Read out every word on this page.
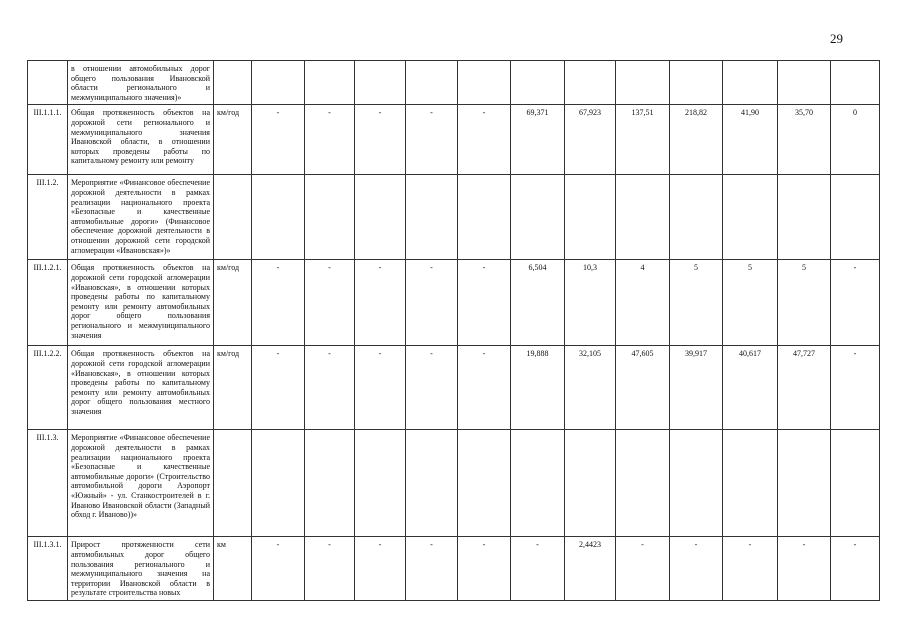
29
	в отношении автомобильных дорог общего пользования Ивановской области регионального и межмуниципального значения)»													
III.1.1.1.	Общая протяженность объектов на дорожной сети регионального и межмуниципального значения Ивановской области, в отношении которых проведены работы по капитальному ремонту или ремонту	км/год	-	-	-	-	-	69,371	67,923	137,51	218,82	41,90	35,70	0
III.1.2.	Мероприятие «Финансовое обеспечение дорожной деятельности в рамках реализации национального проекта «Безопасные и качественные автомобильные дороги» (Финансовое обеспечение дорожной деятельности в отношении дорожной сети городской агломерации «Ивановская»)»													
III.1.2.1.	Общая протяженность объектов на дорожной сети городской агломерации «Ивановская», в отношении которых проведены работы по капитальному ремонту или ремонту автомобильных дорог общего пользования регионального и межмуниципального значения	км/год	-	-	-	-	-	6,504	10,3	4	5	5	5	-
III.1.2.2.	Общая протяженность объектов на дорожной сети городской агломерации «Ивановская», в отношении которых проведены работы по капитальному ремонту или ремонту автомобильных дорог общего пользования местного значения	км/год	-	-	-	-	-	19,888	32,105	47,605	39,917	40,617	47,727	-
III.1.3.	Мероприятие «Финансовое обеспечение дорожной деятельности в рамках реализации национального проекта «Безопасные и качественные автомобильные дороги» (Строительство автомобильной дороги Аэропорт «Южный» - ул. Станкостроителей в г. Иваново Ивановской области (Западный обход г. Иваново))»													
III.1.3.1.	Прирост протяженности сети автомобильных дорог общего пользования регионального и межмуниципального значения на территории Ивановской области в результате строительства новых	км	-	-	-	-	-	-	2,4423	-	-	-	-	-
